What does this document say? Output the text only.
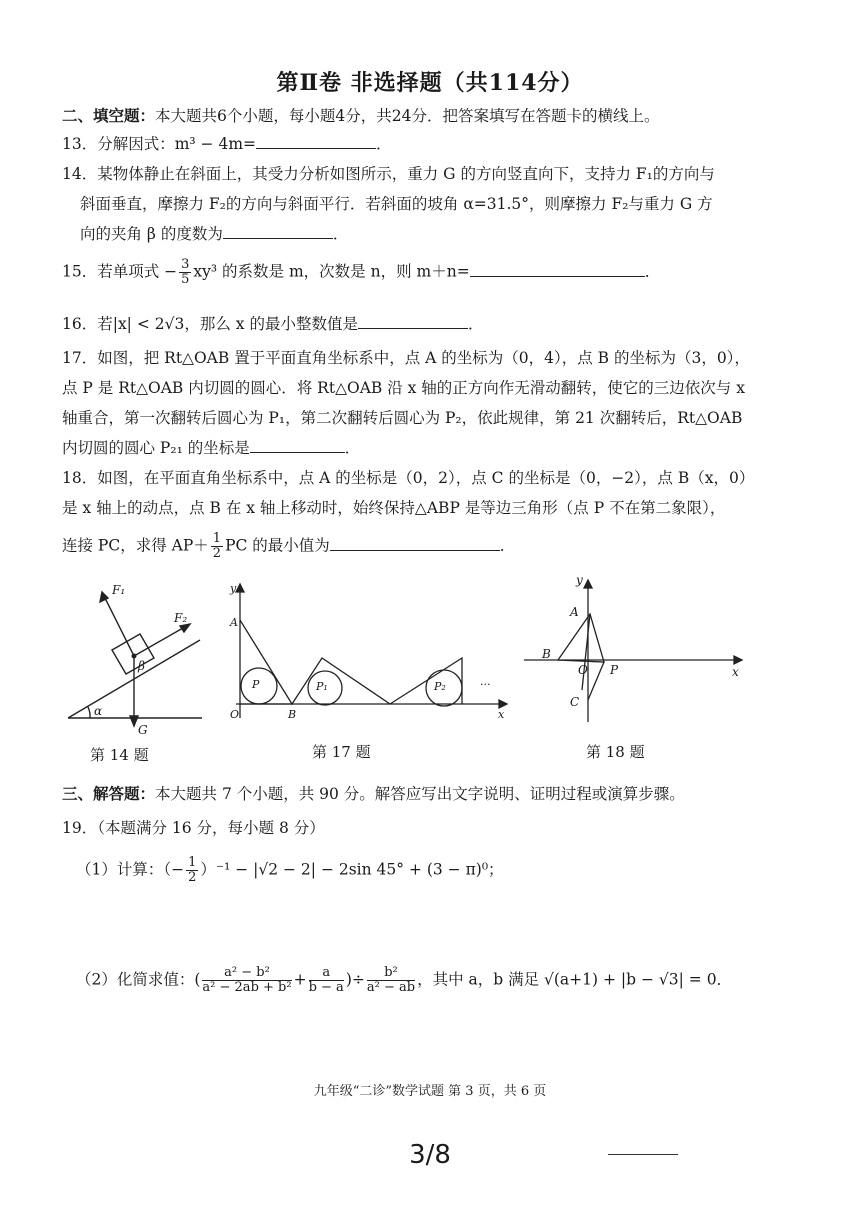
第Ⅱ卷 非选择题（共114分）
二、填空题：本大题共6个小题，每小题4分，共24分．把答案填写在答题卡的横线上。
13．分解因式：m³ − 4m=	．
14．某物体静止在斜面上，其受力分析如图所示，重力 G 的方向竖直向下，支持力 F₁的方向与
斜面垂直，摩擦力 F₂的方向与斜面平行．若斜面的坡角 α=31.5°，则摩擦力 F₂与重力 G 方
向的夹角 β 的度数为	．
15．若单项式 − $\frac{3}{5} xy^3$ 的系数是 m，次数是 n，则 m＋n=	．
16．若|x| < 2√3，那么 x 的最小整数值是	．
17．如图，把 Rt△OAB 置于平面直角坐标系中，点 A 的坐标为（0，4），点 B 的坐标为（3，0），
点 P 是 Rt△OAB 内切圆的圆心．将 Rt△OAB 沿 x 轴的正方向作无滑动翻转，使它的三边依次与 x
轴重合，第一次翻转后圆心为 P₁，第二次翻转后圆心为 P₂，依此规律，第 21 次翻转后，Rt△OAB
内切圆的圆心 P₂₁ 的坐标是	．
18．如图，在平面直角坐标系中，点 A 的坐标是（0，2），点 C 的坐标是（0，−2），点 B（x，0）
是 x 轴上的动点，点 B 在 x 轴上移动时，始终保持△ABP 是等边三角形（点 P 不在第二象限），
连接 PC，求得 $AP+ \frac{1}{2}$ PC 的最小值为	．
F₁
F₂
β
α
G
第 14 题
y
A
P	P₁	P₂
O	B	x
···
第 17 题
y
A
B
O P	x
C
第 18 题
三、解答题：本大题共 7 个小题，共 90 分。解答应写出文字说明、证明过程或演算步骤。
19．（本题满分 16 分，每小题 8 分）
（1）计算：（− $\frac{1}{2} )^{-1} - |√2 - 2| - 2\sin$ 45° + (3 − π)⁰；
（2）化简求值：( $\frac{\text{a² − b²}}{\text{a² − 2ab + b²}} + \frac{a}{b - a}$ )÷ $\frac{\text{b²}}{\text{a² − ab}}$ ，其中 a，b 满足 √(a+1) + |b − √3| = 0．
九年级“二诊”数学试题 第 3 页，共 6 页
3/8
